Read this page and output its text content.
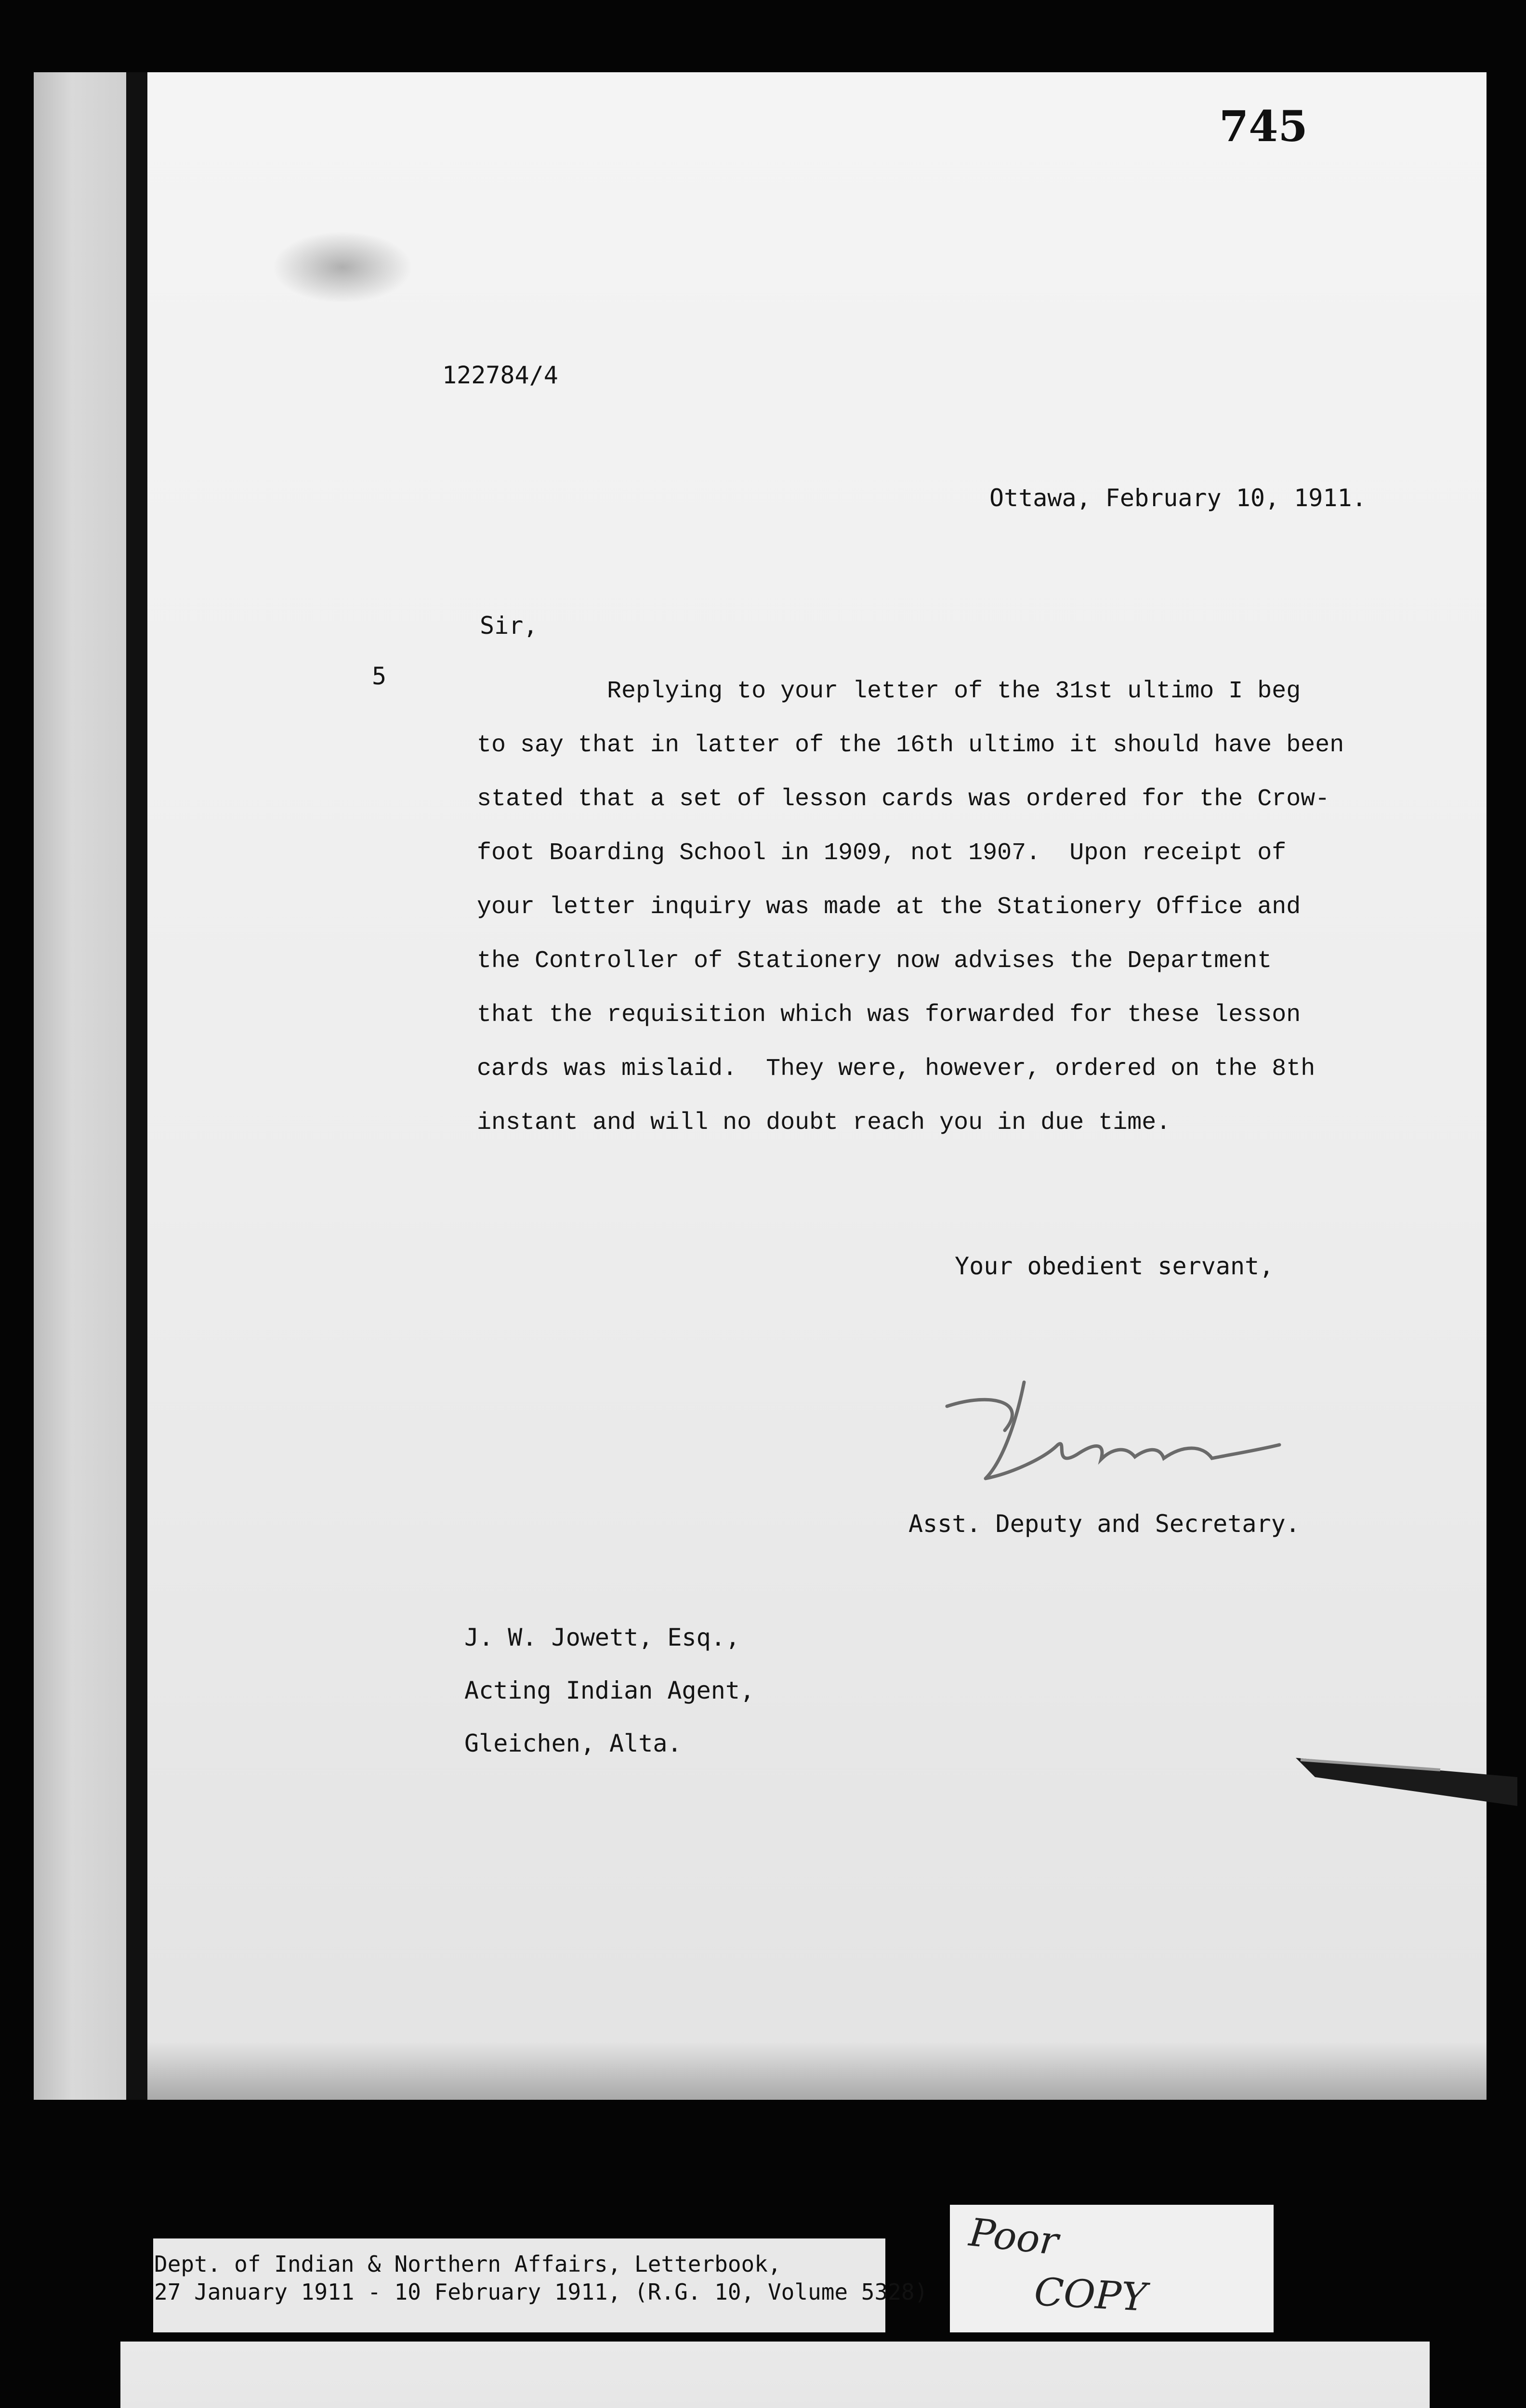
745
122784/4
Ottawa, February 10, 1911.
Sir,
5
Replying to your letter of the 31st ultimo I beg
to say that in latter of the 16th ultimo it should have been
stated that a set of lesson cards was ordered for the Crow-
foot Boarding School in 1909, not 1907.  Upon receipt of
your letter inquiry was made at the Stationery Office and
the Controller of Stationery now advises the Department
that the requisition which was forwarded for these lesson
cards was mislaid.  They were, however, ordered on the 8th
instant and will no doubt reach you in due time.
Your obedient servant,
Asst. Deputy and Secretary.
J. W. Jowett, Esq.,
Acting Indian Agent,
Gleichen, Alta.
Dept. of Indian & Northern Affairs, Letterbook,
27 January 1911 - 10 February 1911, (R.G. 10, Volume 5328)
Poor
COPY
